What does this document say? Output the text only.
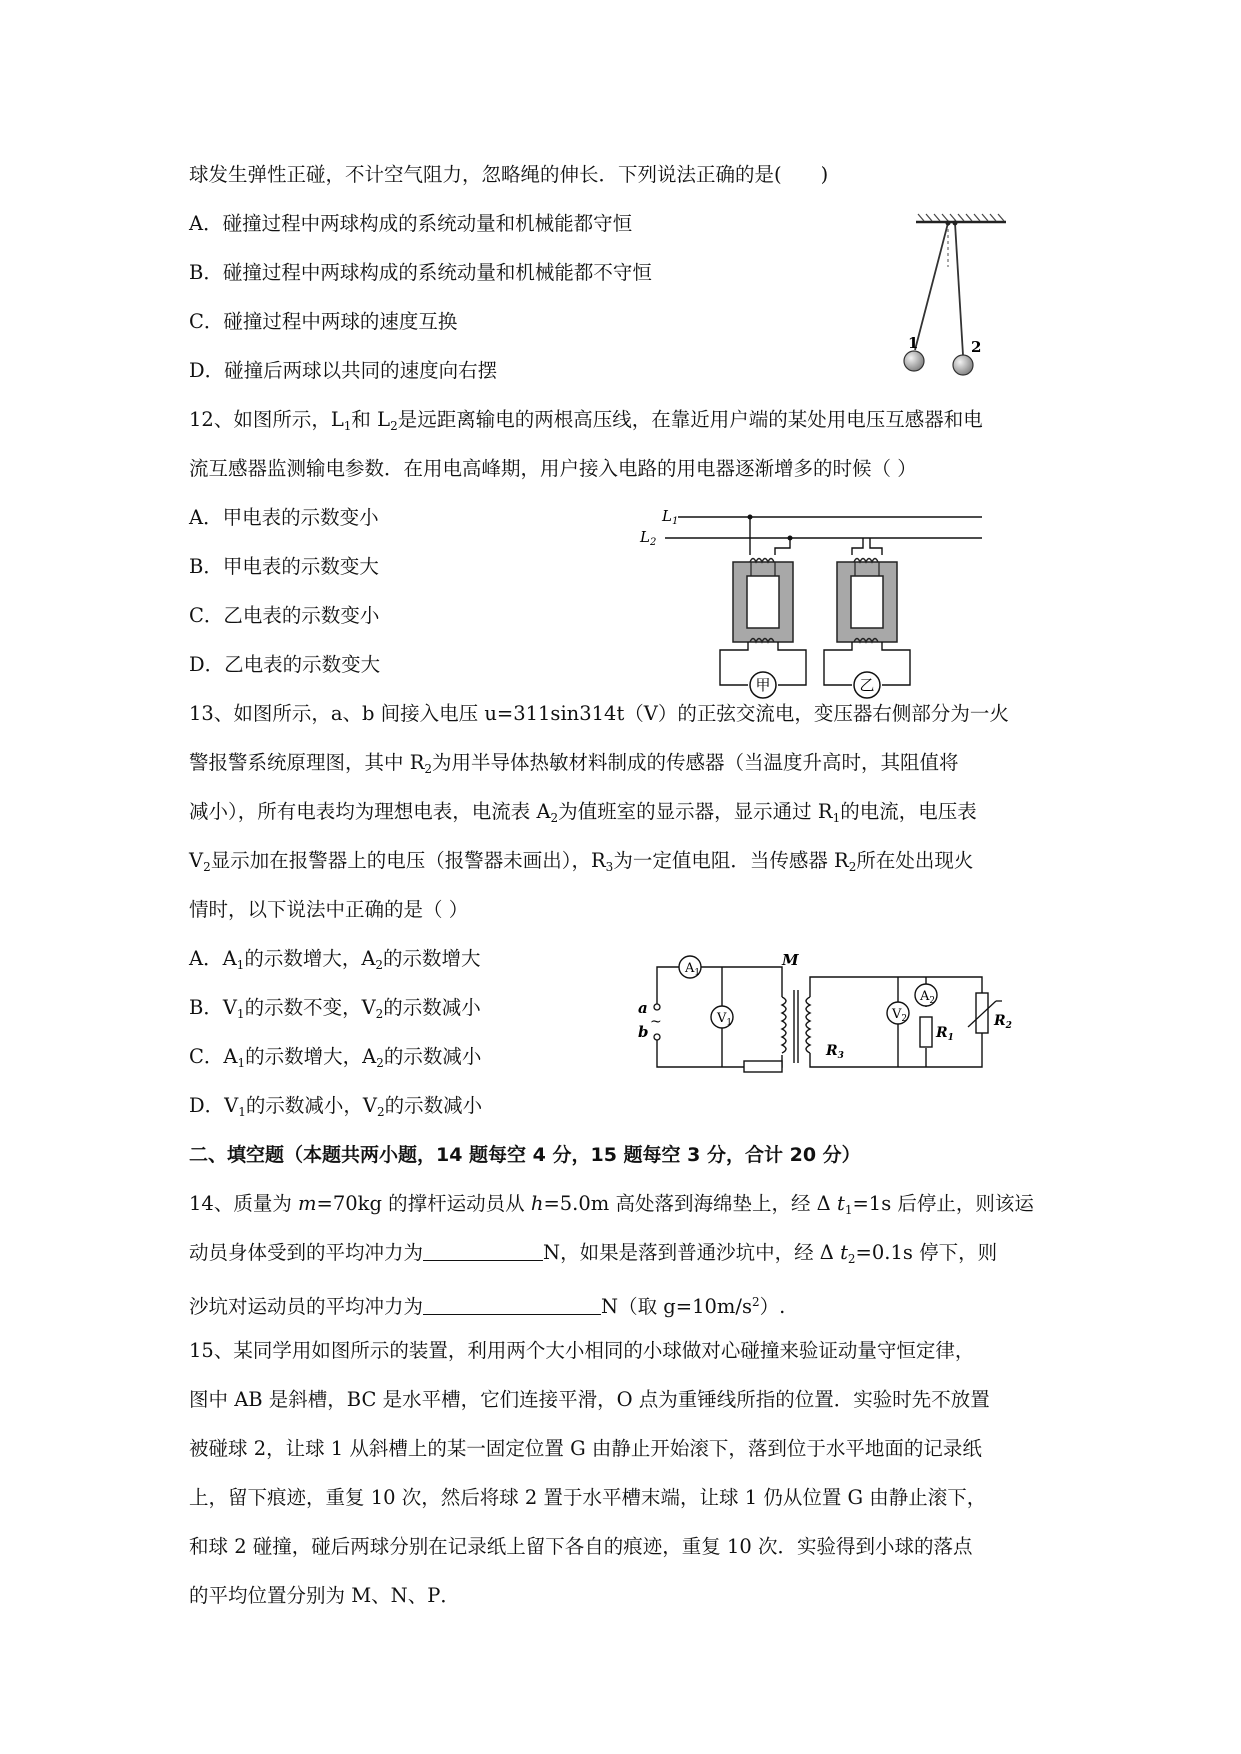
球发生弹性正碰，不计空气阻力，忽略绳的伸长．下列说法正确的是(　　)
A．碰撞过程中两球构成的系统动量和机械能都守恒
B．碰撞过程中两球构成的系统动量和机械能都不守恒
C．碰撞过程中两球的速度互换
D．碰撞后两球以共同的速度向右摆
1	2
12、如图所示，$L_1$和 $L_2$是远距离输电的两根高压线，在靠近用户端的某处用电压互感器和电
流互感器监测输电参数．在用电高峰期，用户接入电路的用电器逐渐增多的时候（ ）
A．甲电表的示数变小
B．甲电表的示数变大
C．乙电表的示数变小
D．乙电表的示数变大
$L_1$
$L_2$
甲	乙
13、如图所示，a、b 间接入电压 u=311sin314t（V）的正弦交流电，变压器右侧部分为一火
警报警系统原理图，其中 $R_2$为用半导体热敏材料制成的传感器（当温度升高时，其阻值将
减小），所有电表均为理想电表，电流表 $A_2$为值班室的显示器，显示通过 $R_1$的电流，电压表
$V_2$显示加在报警器上的电压（报警器未画出），$R_3$为一定值电阻．当传感器 $R_2$所在处出现火
情时，以下说法中正确的是（ ）
A．$A_1$的示数增大，$A_2$的示数增大
B．$V_1$的示数不变，$V_2$的示数减小
C．$A_1$的示数增大，$A_2$的示数减小
D．$V_1$的示数减小，$V_2$的示数减小
a
b
~
$A_1$
$V_1$
$V_2$
$A_2$
M
$R_1$
$R_2$
$R_3$
二、填空题（本题共两小题，14 题每空 4 分，15 题每空 3 分，合计 20 分）
14、质量为 m=70kg 的撑杆运动员从 h=5.0m 高处落到海绵垫上，经 Δ $t_1=1s$ 后停止，则该运
动员身体受到的平均冲力为	N，如果是落到普通沙坑中，经 Δ $t_2=0.1s$ 停下，则
沙坑对运动员的平均冲力为	N（取 $g=10m/s^2$）.
15、某同学用如图所示的装置，利用两个大小相同的小球做对心碰撞来验证动量守恒定律，
图中 AB 是斜槽，BC 是水平槽，它们连接平滑，O 点为重锤线所指的位置．实验时先不放置
被碰球 2，让球 1 从斜槽上的某一固定位置 G 由静止开始滚下，落到位于水平地面的记录纸
上，留下痕迹，重复 10 次，然后将球 2 置于水平槽末端，让球 1 仍从位置 G 由静止滚下，
和球 2 碰撞，碰后两球分别在记录纸上留下各自的痕迹，重复 10 次．实验得到小球的落点
的平均位置分别为 M、N、P．
